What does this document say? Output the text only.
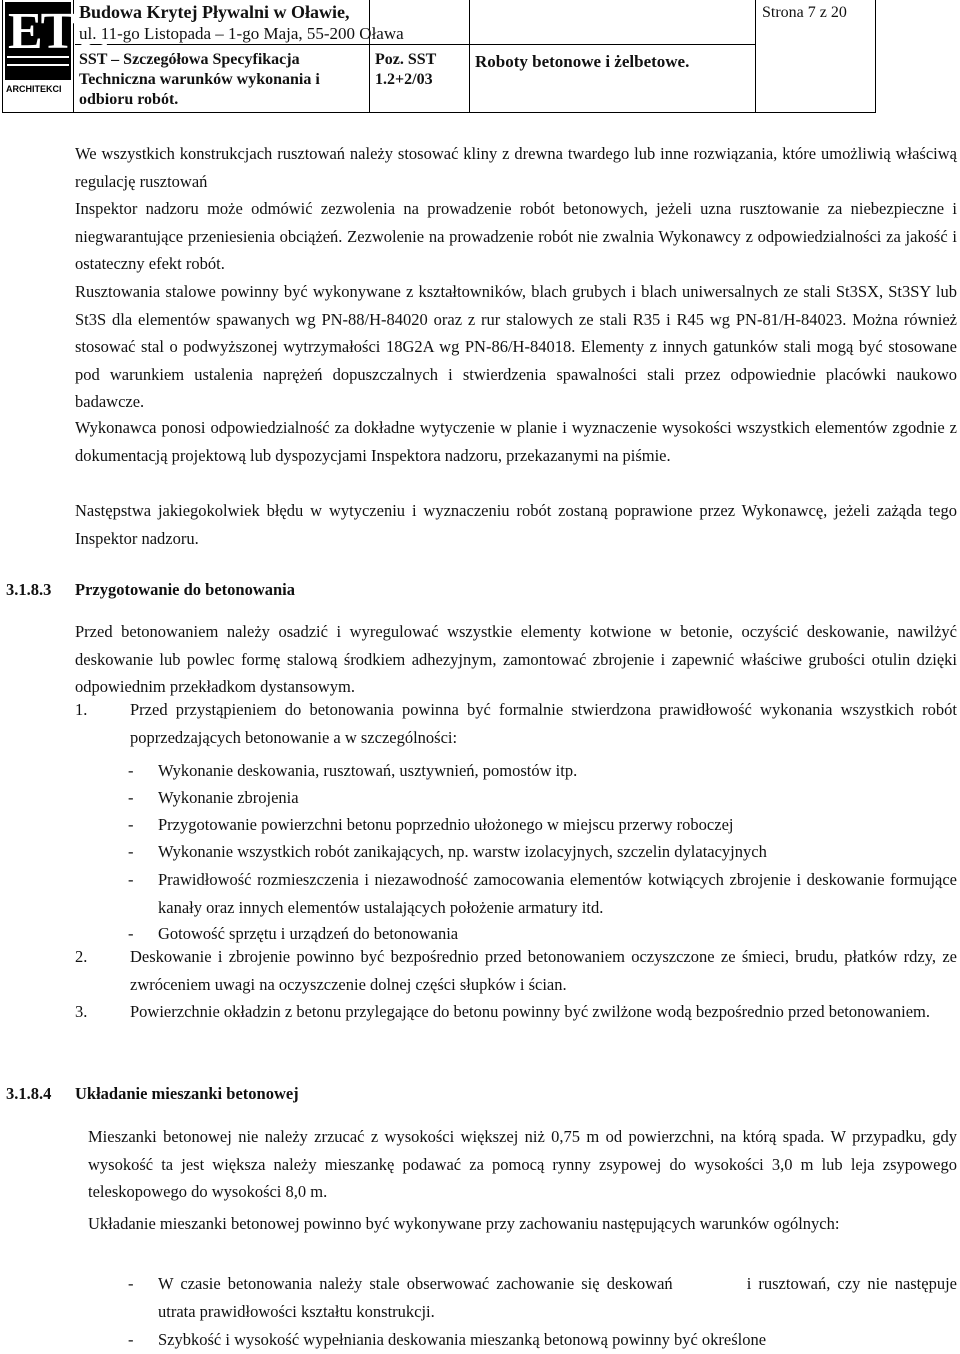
ETC
ARCHITEKCI
Budowa Krytej Pływalni w Oławie,
ul. 11-go Listopada – 1-go Maja, 55-200 Oława
SST – Szczegółowa Specyfikacja
Techniczna warunków wykonania i
odbioru robót.
Poz. SST
1.2+2/03
Roboty betonowe i żelbetowe.
Strona 7 z 20

We wszystkich konstrukcjach rusztowań należy stosować kliny z drewna twardego lub inne rozwiązania, które umożliwią właściwą regulację rusztowań

Inspektor nadzoru może odmówić zezwolenia na prowadzenie robót betonowych, jeżeli uzna rusztowanie za niebezpieczne i niegwarantujące przeniesienia obciążeń. Zezwolenie na prowadzenie robót nie zwalnia Wykonawcy z odpowiedzialności za jakość i ostateczny efekt robót.

Rusztowania stalowe powinny być wykonywane z kształtowników, blach grubych i blach uniwersalnych ze stali St3SX, St3SY lub St3S dla elementów spawanych wg PN-88/H-84020 oraz z rur stalowych ze stali R35 i R45 wg PN-81/H-84023. Można również stosować stal o podwyższonej wytrzymałości 18G2A wg PN-86/H-84018. Elementy z innych gatunków stali mogą być stosowane pod warunkiem ustalenia naprężeń dopuszczalnych i stwierdzenia spawalności stali przez odpowiednie placówki naukowo badawcze.

Wykonawca ponosi odpowiedzialność za dokładne wytyczenie w planie i wyznaczenie wysokości wszystkich elementów zgodnie z dokumentacją projektową lub dyspozycjami Inspektora nadzoru, przekazanymi na piśmie.

Następstwa jakiegokolwiek błędu w wytyczeniu i wyznaczeniu robót zostaną poprawione przez Wykonawcę, jeżeli zażąda tego Inspektor nadzoru.

3.1.8.3 Przygotowanie do betonowania

Przed betonowaniem należy osadzić i wyregulować wszystkie elementy kotwione w betonie, oczyścić deskowanie, nawilżyć deskowanie lub powlec formę stalową środkiem adhezyjnym, zamontować zbrojenie i zapewnić właściwe grubości otulin dzięki odpowiednim przekładkom dystansowym.

1.	Przed przystąpieniem do betonowania powinna być formalnie stwierdzona prawidłowość wykonania wszystkich robót poprzedzających betonowanie a w szczególności:
- Wykonanie deskowania, rusztowań, usztywnień, pomostów itp.
- Wykonanie zbrojenia
- Przygotowanie powierzchni betonu poprzednio ułożonego w miejscu przerwy roboczej
- Wykonanie wszystkich robót zanikających, np. warstw izolacyjnych, szczelin dylatacyjnych
- Prawidłowość rozmieszczenia i niezawodność zamocowania elementów kotwiących zbrojenie i deskowanie formujące kanały oraz innych elementów ustalających położenie armatury itd.
- Gotowość sprzętu i urządzeń do betonowania
2.	Deskowanie i zbrojenie powinno być bezpośrednio przed betonowaniem oczyszczone ze śmieci, brudu, płatków rdzy, ze zwróceniem uwagi na oczyszczenie dolnej części słupków i ścian.
3.	Powierzchnie okładzin z betonu przylegające do betonu powinny być zwilżone wodą bezpośrednio przed betonowaniem.
3.1.8.4 Układanie mieszanki betonowej

Mieszanki betonowej nie należy zrzucać z wysokości większej niż 0,75 m od powierzchni, na którą spada. W przypadku, gdy wysokość ta jest większa należy mieszankę podawać za pomocą rynny zsypowej do wysokości 3,0 m lub leja zsypowego teleskopowego do wysokości 8,0 m.

Układanie mieszanki betonowej powinno być wykonywane przy zachowaniu następujących warunków ogólnych:

- W czasie betonowania należy stale obserwować zachowanie się deskowań	i rusztowań, czy nie następuje utrata prawidłowości kształtu konstrukcji.
- Szybkość i wysokość wypełniania deskowania mieszanką betonową powinny być określone
